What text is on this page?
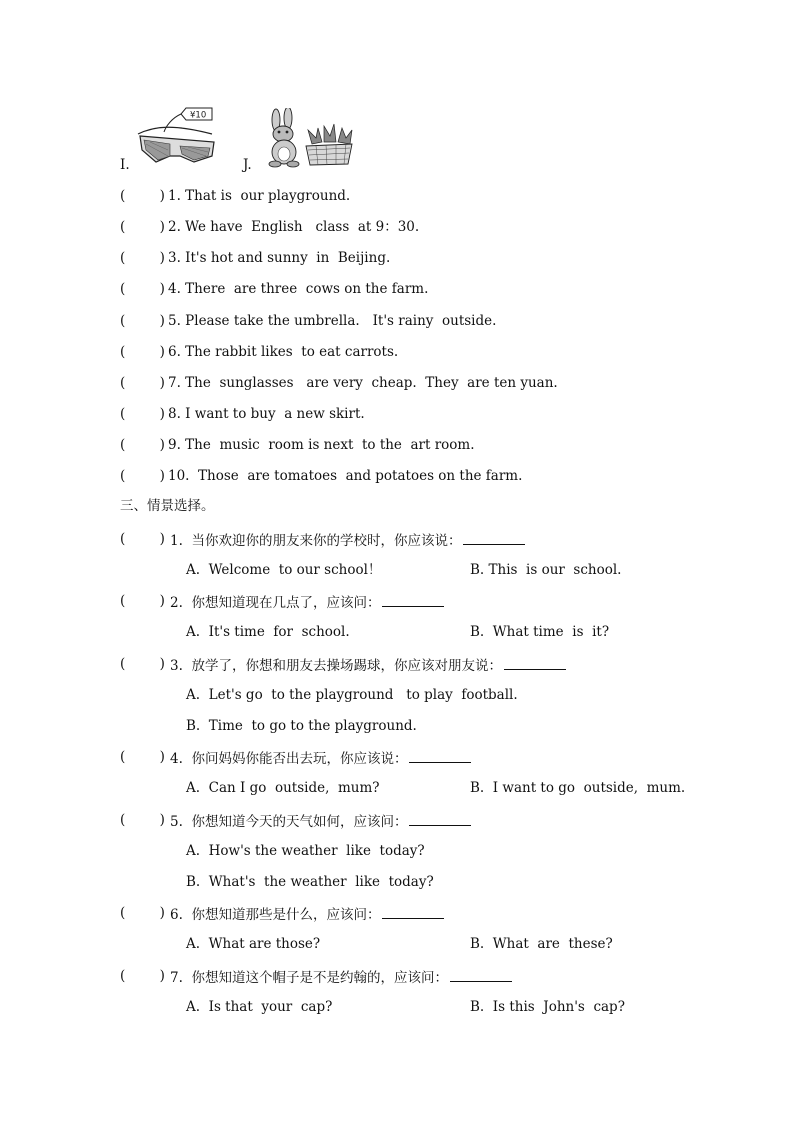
I.
¥10
J.
(        ) 1. That is  our playground.
(        ) 2. We have  English   class  at 9：30.
(        ) 3. It's hot and sunny  in  Beijing.
(        ) 4. There  are three  cows on the farm.
(        ) 5. Please take the umbrella.   It's rainy  outside.
(        ) 6. The rabbit likes  to eat carrots.
(        ) 7. The  sunglasses   are very  cheap.  They  are ten yuan.
(        ) 8. I want to buy  a new skirt.
(        ) 9. The  music  room is next  to the  art room.
(        ) 10.  Those  are tomatoes  and potatoes on the farm.
三、情景选择。
(        ) 1.  当你欢迎你的朋友来你的学校时，你应该说：
A.  Welcome  to our school！	B. This  is our  school.
(        ) 2.  你想知道现在几点了，应该问：
A.  It's time  for  school.	B.  What time  is  it?
(        ) 3.  放学了，你想和朋友去操场踢球，你应该对朋友说：
A.  Let's go  to the playground   to play  football.
B.  Time  to go to the playground.
(        ) 4.  你问妈妈你能否出去玩，你应该说：
A.  Can I go  outside,  mum?	B.  I want to go  outside,  mum.
(        ) 5.  你想知道今天的天气如何，应该问：
A.  How's the weather  like  today?
B.  What's  the weather  like  today?
(        ) 6.  你想知道那些是什么，应该问：
A.  What are those?	B.  What  are  these?
(        ) 7.  你想知道这个帽子是不是约翰的，应该问：
A.  Is that  your  cap?	B.  Is this  John's  cap?
